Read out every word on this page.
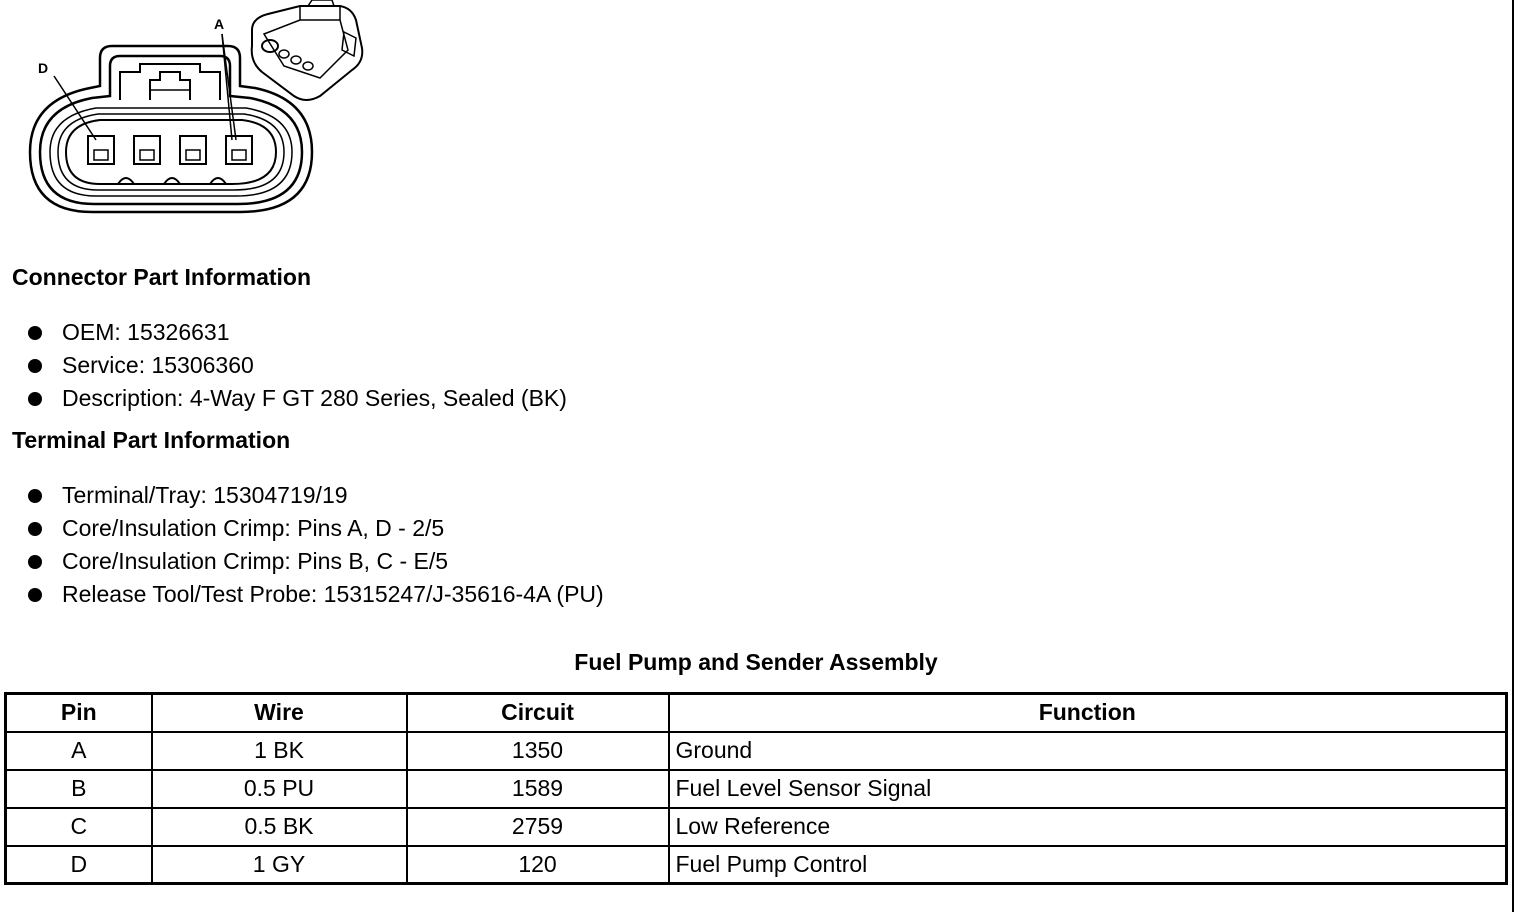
D
A
Connector Part Information
OEM: 15326631
Service: 15306360
Description: 4-Way F GT 280 Series, Sealed (BK)
Terminal Part Information
Terminal/Tray: 15304719/19
Core/Insulation Crimp: Pins A, D - 2/5
Core/Insulation Crimp: Pins B, C - E/5
Release Tool/Test Probe: 15315247/J-35616-4A (PU)
Fuel Pump and Sender Assembly
Pin	Wire	Circuit	Function
A	1 BK	1350	Ground
B	0.5 PU	1589	Fuel Level Sensor Signal
C	0.5 BK	2759	Low Reference
D	1 GY	120	Fuel Pump Control
